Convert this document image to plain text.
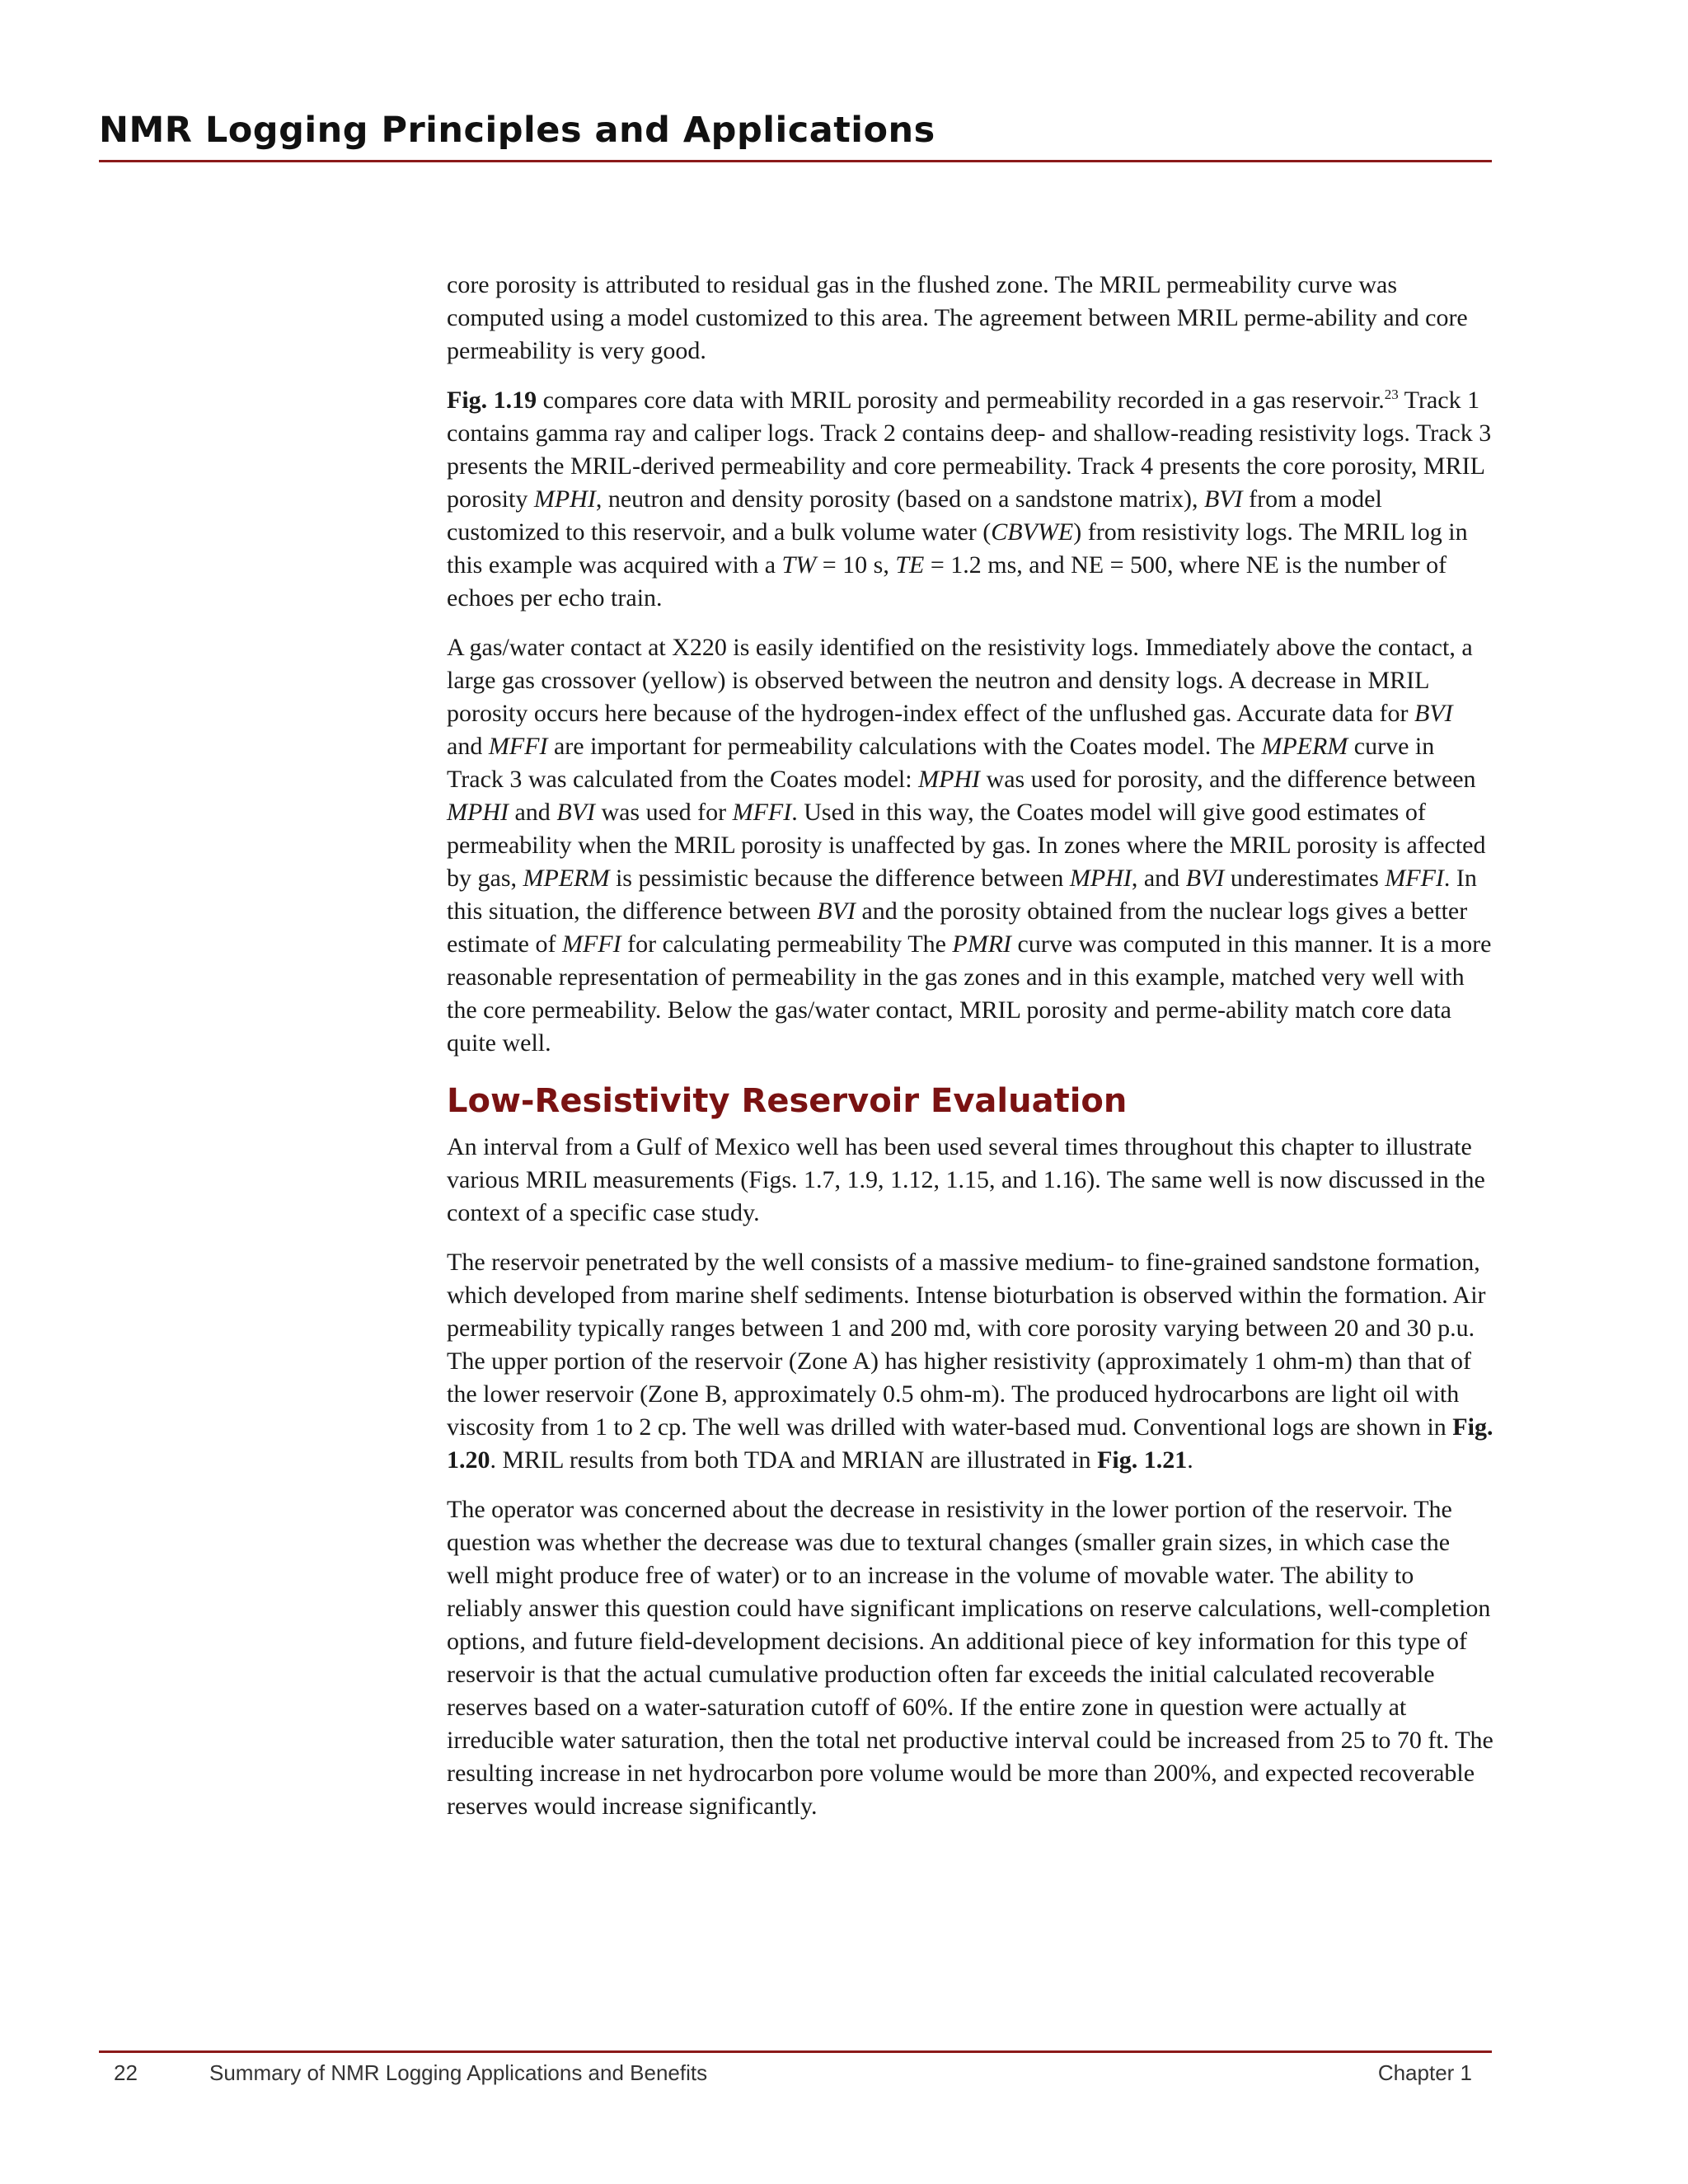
NMR Logging Principles and Applications

core porosity is attributed to residual gas in the flushed zone. The MRIL permeability curve was computed using a model customized to this area. The agreement between MRIL perme-ability and core permeability is very good.

Fig. 1.19 compares core data with MRIL porosity and permeability recorded in a gas reservoir.$^{23}$ Track 1 contains gamma ray and caliper logs. Track 2 contains deep- and shallow-reading resistivity logs. Track 3 presents the MRIL-derived permeability and core permeability. Track 4 presents the core porosity, MRIL porosity MPHI, neutron and density porosity (based on a sandstone matrix), BVI from a model customized to this reservoir, and a bulk volume water (CBVWE) from resistivity logs. The MRIL log in this example was acquired with a TW = 10 s, TE = 1.2 ms, and NE = 500, where NE is the number of echoes per echo train.

A gas/water contact at X220 is easily identified on the resistivity logs. Immediately above the contact, a large gas crossover (yellow) is observed between the neutron and density logs. A decrease in MRIL porosity occurs here because of the hydrogen-index effect of the unflushed gas. Accurate data for BVI and MFFI are important for permeability calculations with the Coates model. The MPERM curve in Track 3 was calculated from the Coates model: MPHI was used for porosity, and the difference between MPHI and BVI was used for MFFI. Used in this way, the Coates model will give good estimates of permeability when the MRIL porosity is unaffected by gas. In zones where the MRIL porosity is affected by gas, MPERM is pessimistic because the difference between MPHI, and BVI underestimates MFFI. In this situation, the difference between BVI and the porosity obtained from the nuclear logs gives a better estimate of MFFI for calculating permeability The PMRI curve was computed in this manner. It is a more reasonable representation of permeability in the gas zones and in this example, matched very well with the core permeability. Below the gas/water contact, MRIL porosity and perme-ability match core data quite well.

Low-Resistivity Reservoir Evaluation

An interval from a Gulf of Mexico well has been used several times throughout this chapter to illustrate various MRIL measurements (Figs. 1.7, 1.9, 1.12, 1.15, and 1.16). The same well is now discussed in the context of a specific case study.

The reservoir penetrated by the well consists of a massive medium- to fine-grained sandstone formation, which developed from marine shelf sediments. Intense bioturbation is observed within the formation. Air permeability typically ranges between 1 and 200 md, with core porosity varying between 20 and 30 p.u. The upper portion of the reservoir (Zone A) has higher resistivity (approximately 1 ohm-m) than that of the lower reservoir (Zone B, approximately 0.5 ohm-m). The produced hydrocarbons are light oil with viscosity from 1 to 2 cp. The well was drilled with water-based mud. Conventional logs are shown in Fig. 1.20. MRIL results from both TDA and MRIAN are illustrated in Fig. 1.21.

The operator was concerned about the decrease in resistivity in the lower portion of the reservoir. The question was whether the decrease was due to textural changes (smaller grain sizes, in which case the well might produce free of water) or to an increase in the volume of movable water. The ability to reliably answer this question could have significant implications on reserve calculations, well-completion options, and future field-development decisions. An additional piece of key information for this type of reservoir is that the actual cumulative production often far exceeds the initial calculated recoverable reserves based on a water-saturation cutoff of 60%. If the entire zone in question were actually at irreducible water saturation, then the total net productive interval could be increased from 25 to 70 ft. The resulting increase in net hydrocarbon pore volume would be more than 200%, and expected recoverable reserves would increase significantly.

22	Summary of NMR Logging Applications and Benefits	Chapter 1
